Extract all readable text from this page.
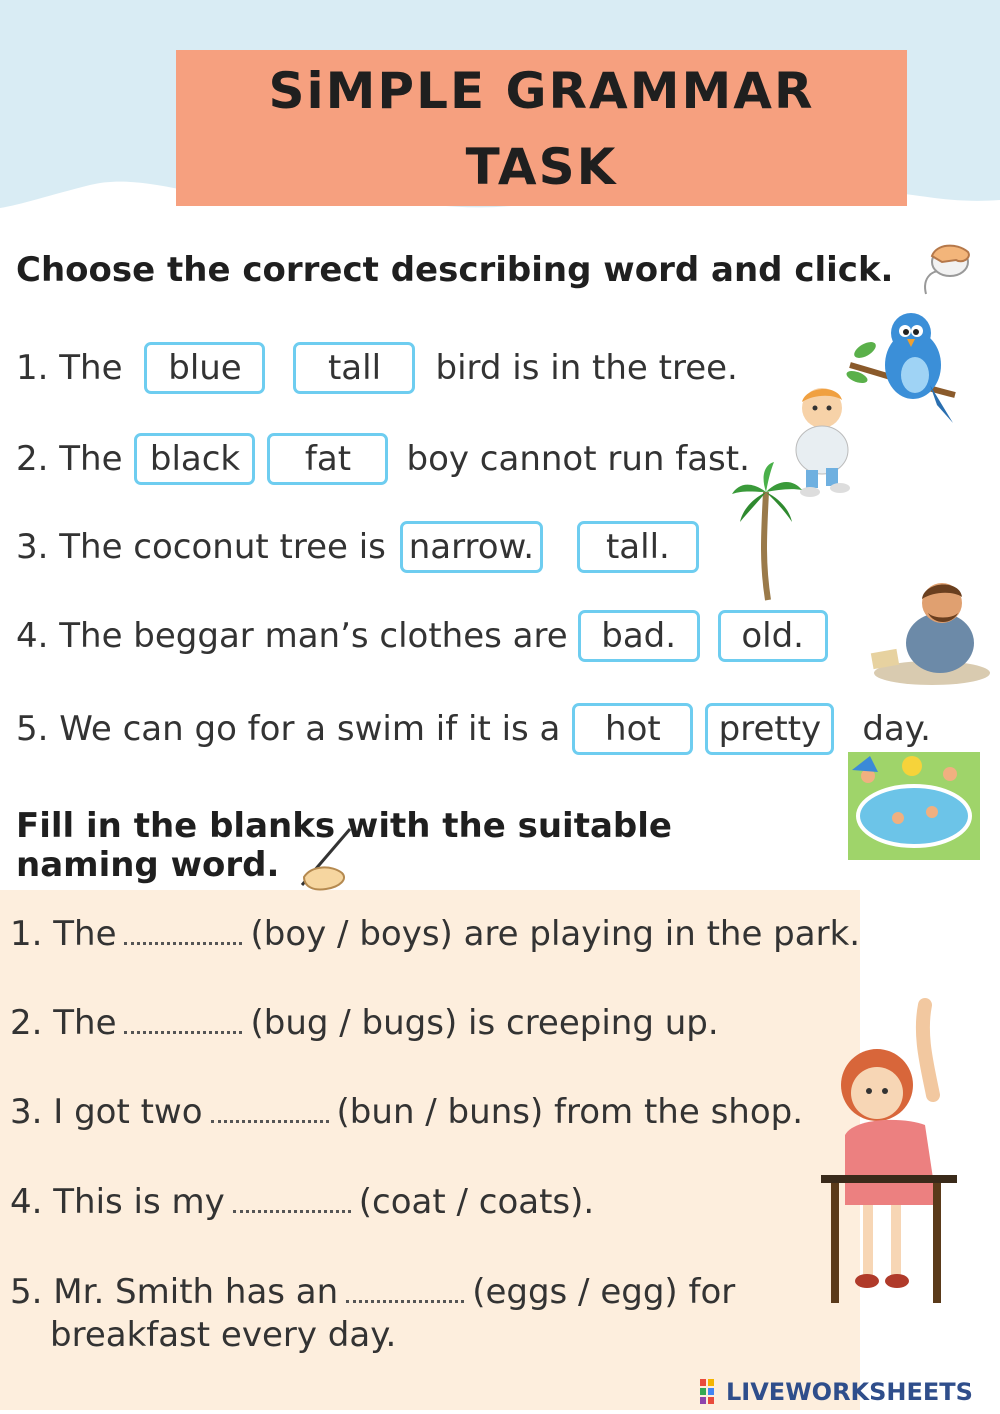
SiMPLE GRAMMAR
TASK
Choose the correct describing word and click.
1. The	blue	tall	bird is in the tree.
2. The black	fat	boy cannot run fast.
3. The coconut tree is narrow.	tall.
4. The beggar man’s clothes are bad.	old.
5. We can go for a swim if it is a	hot	pretty	day.
Fill in the blanks with the suitable
naming word.
1. The	(boy / boys) are playing in the park.
2. The	(bug / bugs) is creeping up.
3. I got two	(bun / buns) from the shop.
4. This is my	(coat / coats).
5. Mr. Smith has an	(eggs / egg) for
breakfast every day.
LIVEWORKSHEETS
